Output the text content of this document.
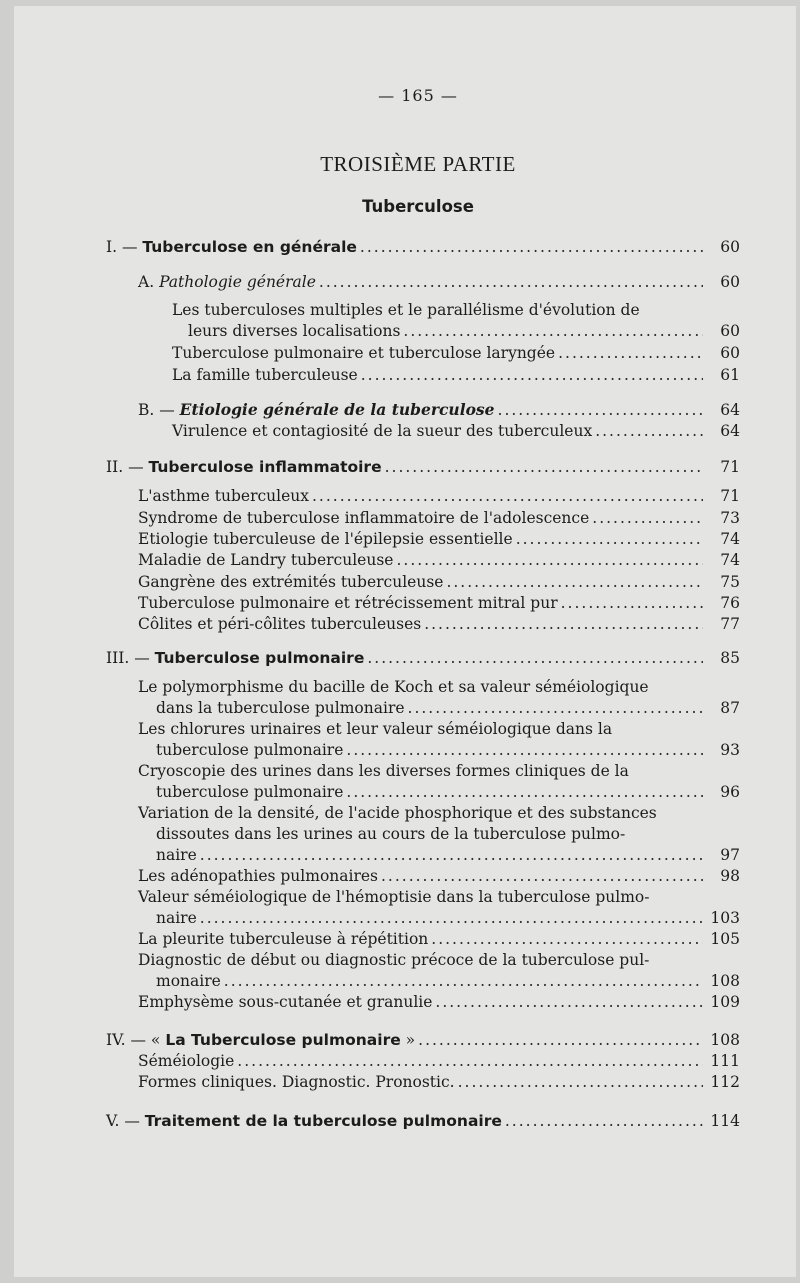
— 165 —
TROISIÈME PARTIE
Tuberculose
I. — Tuberculose en générale .....	60
A. Pathologie générale .....	60
Les tuberculoses multiples et le parallélisme d'évolution de
leurs diverses localisations .....	60
Tuberculose pulmonaire et tuberculose laryngée .....	60
La famille tuberculeuse .....	61
B. — Etiologie générale de la tuberculose .....	64
Virulence et contagiosité de la sueur des tuberculeux .....	64
II. — Tuberculose inflammatoire .....	71
L'asthme tuberculeux .....	71
Syndrome de tuberculose inflammatoire de l'adolescence .....	73
Etiologie tuberculeuse de l'épilepsie essentielle .....	74
Maladie de Landry tuberculeuse .....	74
Gangrène des extrémités tuberculeuse .....	75
Tuberculose pulmonaire et rétrécissement mitral pur .....	76
Côlites et péri-côlites tuberculeuses .....	77
III. — Tuberculose pulmonaire .....	85
Le polymorphisme du bacille de Koch et sa valeur séméiologique
dans la tuberculose pulmonaire .....	87
Les chlorures urinaires et leur valeur séméiologique dans la
tuberculose pulmonaire .....	93
Cryoscopie des urines dans les diverses formes cliniques de la
tuberculose pulmonaire .....	96
Variation de la densité, de l'acide phosphorique et des substances
dissoutes dans les urines au cours de la tuberculose pulmo-
naire .....	97
Les adénopathies pulmonaires .....	98
Valeur séméiologique de l'hémoptisie dans la tuberculose pulmo-
naire .....	103
La pleurite tuberculeuse à répétition .....	105
Diagnostic de début ou diagnostic précoce de la tuberculose pul-
monaire .....	108
Emphysème sous-cutanée et granulie .....	109
IV. — « La Tuberculose pulmonaire » .....	108
Séméiologie .....	111
Formes cliniques. Diagnostic. Pronostic. .....	112
V. — Traitement de la tuberculose pulmonaire .....	114
